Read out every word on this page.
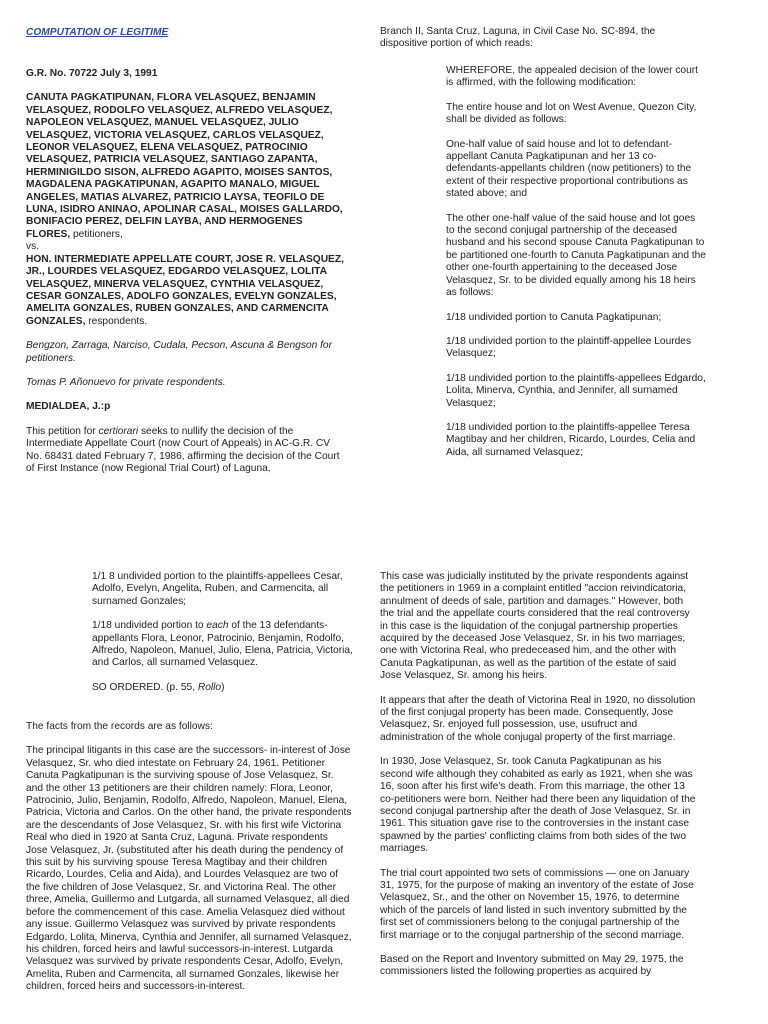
COMPUTATION OF LEGITIME

G.R. No. 70722 July 3, 1991

CANUTA PAGKATIPUNAN, FLORA VELASQUEZ, BENJAMIN VELASQUEZ, RODOLFO VELASQUEZ, ALFREDO VELASQUEZ, NAPOLEON VELASQUEZ, MANUEL VELASQUEZ, JULIO VELASQUEZ, VICTORIA VELASQUEZ, CARLOS VELASQUEZ, LEONOR VELASQUEZ, ELENA VELASQUEZ, PATROCINIO VELASQUEZ, PATRICIA VELASQUEZ, SANTIAGO ZAPANTA, HERMINIGILDO SISON, ALFREDO AGAPITO, MOISES SANTOS, MAGDALENA PAGKATIPUNAN, AGAPITO MANALO, MIGUEL ANGELES, MATIAS ALVAREZ, PATRICIO LAYSA, TEOFILO DE LUNA, ISIDRO ANINAO, APOLINAR CASAL, MOISES GALLARDO, BONIFACIO PEREZ, DELFIN LAYBA, AND HERMOGENES FLORES, petitioners,

vs.

HON. INTERMEDIATE APPELLATE COURT, JOSE R. VELASQUEZ, JR., LOURDES VELASQUEZ, EDGARDO VELASQUEZ, LOLITA VELASQUEZ, MINERVA VELASQUEZ, CYNTHIA VELASQUEZ, CESAR GONZALES, ADOLFO GONZALES, EVELYN GONZALES, AMELITA GONZALES, RUBEN GONZALES, AND CARMENCITA GONZALES, respondents.

Bengzon, Zarraga, Narciso, Cudala, Pecson, Ascuna & Bengson for petitioners.

Tomas P. Añonuevo for private respondents.

MEDIALDEA, J.:p

This petition for certiorari seeks to nullify the decision of the Intermediate Appellate Court (now Court of Appeals) in AC-G.R. CV No. 68431 dated February 7, 1986, affirming the decision of the Court of First Instance (now Regional Trial Court) of Laguna,

Branch II, Santa Cruz, Laguna, in Civil Case No. SC-894, the dispositive portion of which reads:

WHEREFORE, the appealed decision of the lower court is affirmed, with the following modification:

The entire house and lot on West Avenue, Quezon City, shall be divided as follows:

One-half value of said house and lot to defendant-appellant Canuta Pagkatipunan and her 13 co-defendants-appellants children (now petitioners) to the extent of their respective proportional contributions as stated above; and

The other one-half value of the said house and lot goes to the second conjugal partnership of the deceased husband and his second spouse Canuta Pagkatipunan to be partitioned one-fourth to Canuta Pagkatipunan and the other one-fourth appertaining to the deceased Jose Velasquez, Sr. to be divided equally among his 18 heirs as follows:

1/18 undivided portion to Canuta Pagkatipunan;

1/18 undivided portion to the plaintiff-appellee Lourdes Velasquez;

1/18 undivided portion to the plaintiffs-appellees Edgardo, Lolita, Minerva, Cynthia, and Jennifer, all surnamed Velasquez;

1/18 undivided portion to the plaintiffs-appellee Teresa Magtibay and her children, Ricardo, Lourdes, Celia and Aida, all surnamed Velasquez;

1/1 8 undivided portion to the plaintiffs-appellees Cesar, Adolfo, Evelyn, Angelita, Ruben, and Carmencita, all surnamed Gonzales;

1/18 undivided portion to each of the 13 defendants-appellants Flora, Leonor, Patrocinio, Benjamin, Rodolfo, Alfredo, Napoleon, Manuel, Julio, Elena, Patricia, Victoria, and Carlos, all surnamed Velasquez.

SO ORDERED. (p. 55, Rollo)

The facts from the records are as follows:

The principal litigants in this case are the successors- in-interest of Jose Velasquez, Sr. who died intestate on February 24, 1961. Petitioner Canuta Pagkatipunan is the surviving spouse of Jose Velasquez, Sr. and the other 13 petitioners are their children namely: Flora, Leonor, Patrocinio, Julio, Benjamin, Rodolfo, Alfredo, Napoleon, Manuel, Elena, Patricia, Victoria and Carlos. On the other hand, the private respondents are the descendants of Jose Velasquez, Sr. with his first wife Victorina Real who died in 1920 at Santa Cruz, Laguna. Private respondents Jose Velasquez, Jr. (substituted after his death during the pendency of this suit by his surviving spouse Teresa Magtibay and their children Ricardo, Lourdes, Celia and Aida), and Lourdes Velasquez are two of the five children of Jose Velasquez, Sr. and Victorina Real. The other three, Amelia, Guillermo and Lutgarda, all surnamed Velasquez, all died before the commencement of this case. Amelia Velasquez died without any issue. Guillermo Velasquez was survived by private respondents Edgardo, Lolita, Minerva, Cynthia and Jennifer, all surnamed Velasquez, his children, forced heirs and lawful successors-in-interest. Lutgarda Velasquez was survived by private respondents Cesar, Adolfo, Evelyn, Amelita, Ruben and Carmencita, all surnamed Gonzales, likewise her children, forced heirs and successors-in-interest.

This case was judicially instituted by the private respondents against the petitioners in 1969 in a complaint entitled "accion reivindicatoria, annulment of deeds of sale, partition and damages." However, both the trial and the appellate courts considered that the real controversy in this case is the liquidation of the conjugal partnership properties acquired by the deceased Jose Velasquez, Sr. in his two marriages, one with Victorina Real, who predeceased him, and the other with Canuta Pagkatipunan, as well as the partition of the estate of said Jose Velasquez, Sr. among his heirs.

It appears that after the death of Victorina Real in 1920, no dissolution of the first conjugal property has been made. Consequently, Jose Velasquez, Sr. enjoyed full possession, use, usufruct and administration of the whole conjugal property of the first marriage.

In 1930, Jose Velasquez, Sr. took Canuta Pagkatipunan as his second wife although they cohabited as early as 1921, when she was 16, soon after his first wife's death. From this marriage, the other 13 co-petitioners were born. Neither had there been any liquidation of the second conjugal partnership after the death of Jose Velasquez, Sr. in 1961. This situation gave rise to the controversies in the instant case spawned by the parties' conflicting claims from both sides of the two marriages.

The trial court appointed two sets of commissions — one on January 31, 1975, for the purpose of making an inventory of the estate of Jose Velasquez, Sr., and the other on November 15, 1976, to determine which of the parcels of land listed in such inventory submitted by the first set of commissioners belong to the conjugal partnership of the first marriage or to the conjugal partnership of the second marriage.

Based on the Report and Inventory submitted on May 29, 1975, the commissioners listed the following properties as acquired by
